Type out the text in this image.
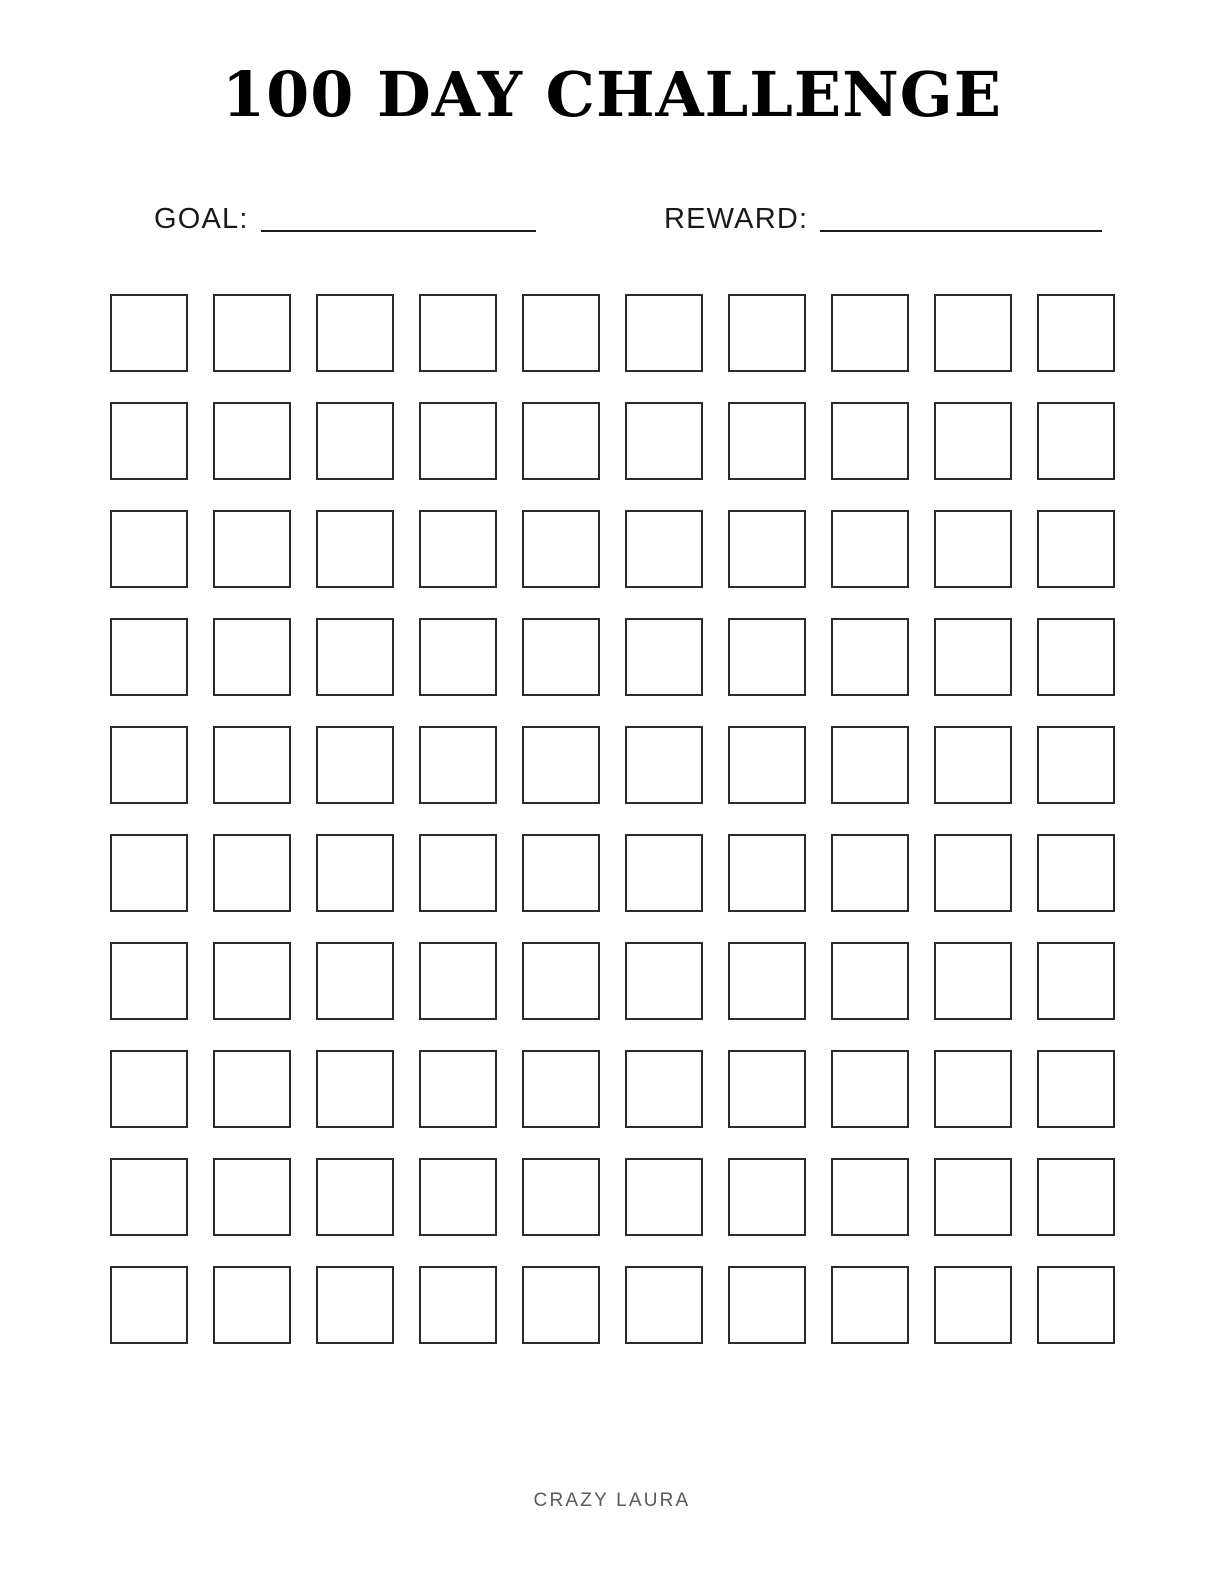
100 DAY CHALLENGE
GOAL:	REWARD:
CRAZY LAURA
